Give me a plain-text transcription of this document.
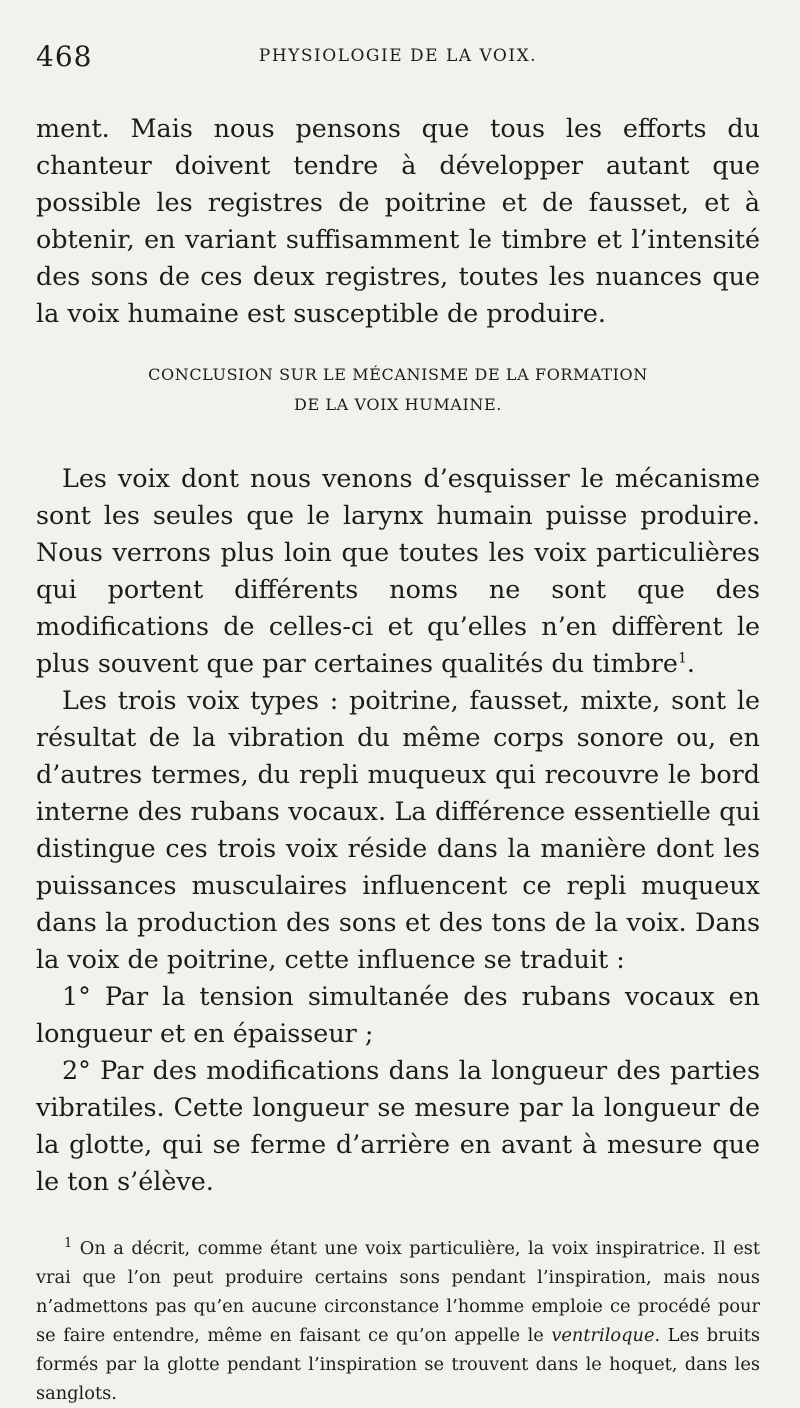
468	PHYSIOLOGIE DE LA VOIX.

ment. Mais nous pensons que tous les efforts du chanteur doivent tendre à développer autant que possible les registres de poitrine et de fausset, et à obtenir, en variant suffisamment le timbre et l’intensité des sons de ces deux registres, toutes les nuances que la voix humaine est susceptible de produire.

CONCLUSION SUR LE MÉCANISME DE LA FORMATION
DE LA VOIX HUMAINE.

Les voix dont nous venons d’esquisser le mécanisme sont les seules que le larynx humain puisse produire. Nous verrons plus loin que toutes les voix particulières qui portent différents noms ne sont que des modifications de celles-ci et qu’elles n’en diffèrent le plus souvent que par certaines qualités du timbre$^1$.

Les trois voix types : poitrine, fausset, mixte, sont le résultat de la vibration du même corps sonore ou, en d’autres termes, du repli muqueux qui recouvre le bord interne des rubans vocaux. La différence essentielle qui distingue ces trois voix réside dans la manière dont les puissances musculaires influencent ce repli muqueux dans la production des sons et des tons de la voix. Dans la voix de poitrine, cette influence se traduit :

1° Par la tension simultanée des rubans vocaux en longueur et en épaisseur ;

2° Par des modifications dans la longueur des parties vibratiles. Cette longueur se mesure par la longueur de la glotte, qui se ferme d’arrière en avant à mesure que le ton s’élève.

$^1$ On a décrit, comme étant une voix particulière, la voix inspiratrice. Il est vrai que l’on peut produire certains sons pendant l’inspiration, mais nous n’admettons pas qu’en aucune circonstance l’homme emploie ce procédé pour se faire entendre, même en faisant ce qu’on appelle le ventriloque. Les bruits formés par la glotte pendant l’inspiration se trouvent dans le hoquet, dans les sanglots.
